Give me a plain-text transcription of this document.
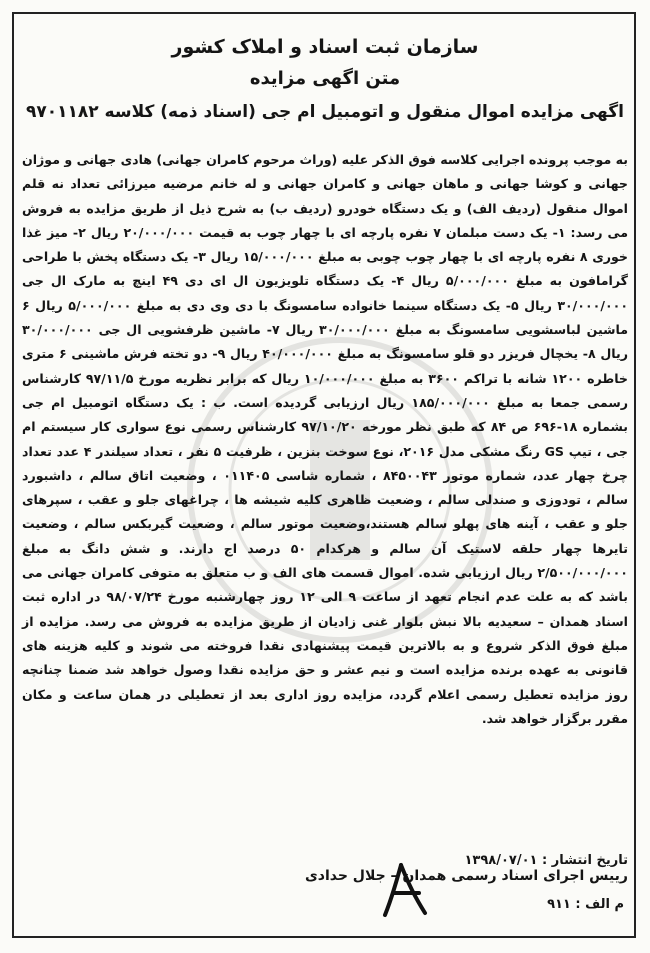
سازمان ثبت اسناد و املاک کشور
متن اگهی مزایده
اگهی مزایده اموال منقول و اتومبیل ام جی (اسناد ذمه) کلاسه ۹۷۰۱۱۸۲
به موجب پرونده اجرایی کلاسه فوق الذکر علیه (وراث مرحوم کامران جهانی) هادی جهانی و موژان جهانی و کوشا جهانی و ماهان جهانی و کامران جهانی و له خانم مرضیه میرزائی تعداد نه قلم اموال منقول (ردیف الف) و یک دستگاه خودرو (ردیف ب) به شرح ذیل از طریق مزایده به فروش می رسد: ۱- یک دست مبلمان ۷ نفره پارچه ای با چهار چوب به قیمت ۲۰/۰۰۰/۰۰۰ ریال ۲- میز غذا خوری ۸ نفره پارچه ای با چهار چوب چوبی به مبلغ ۱۵/۰۰۰/۰۰۰ ریال ۳- یک دستگاه پخش با طراحی گرامافون به مبلغ ۵/۰۰۰/۰۰۰ ریال ۴- یک دستگاه تلویزیون ال ای دی ۴۹ اینچ به مارک ال جی ۳۰/۰۰۰/۰۰۰ ریال ۵- یک دستگاه سینما خانواده سامسونگ با دی وی دی به مبلغ ۵/۰۰۰/۰۰۰ ریال ۶ ماشین لباسشویی سامسونگ به مبلغ ۳۰/۰۰۰/۰۰۰ ریال ۷- ماشین ظرفشویی ال جی ۳۰/۰۰۰/۰۰۰ ریال ۸- یخچال فریزر دو قلو سامسونگ به مبلغ ۴۰/۰۰۰/۰۰۰ ریال ۹- دو تخته فرش ماشینی ۶ متری خاطره ۱۲۰۰ شانه با تراکم ۳۶۰۰ به مبلغ ۱۰/۰۰۰/۰۰۰ ریال که برابر نظریه مورخ ۹۷/۱۱/۵ کارشناس رسمی جمعا به مبلغ ۱۸۵/۰۰۰/۰۰۰ ریال ارزیابی گردیده است. ب : یک دستگاه اتومبیل ام جی بشماره ۱۸-۶۹۶ ص ۸۴ که طبق نظر مورخه ۹۷/۱۰/۲۰ کارشناس رسمی نوع سواری کار سیستم ام جی ، تیپ GS رنگ مشکی مدل ۲۰۱۶، نوع سوخت بنزین ، ظرفیت ۵ نفر ، تعداد سیلندر ۴ عدد تعداد چرخ چهار عدد، شماره موتور ۸۴۵۰۰۴۳ ، شماره شاسی ۰۱۱۴۰۵ ، وضعیت اتاق سالم ، داشبورد سالم ، تودوزی و صندلی سالم ، وضعیت ظاهری کلیه شیشه ها ، چراغهای جلو و عقب ، سپرهای جلو و عقب ، آینه های پهلو سالم هستند،وضعیت موتور سالم ، وضعیت گیربکس سالم ، وضعیت تایرها چهار حلقه لاستیک آن سالم و هرکدام ۵۰ درصد اج دارند. و شش دانگ به مبلغ ۲/۵۰۰/۰۰۰/۰۰۰ ریال ارزیابی شده. اموال قسمت های الف و ب متعلق به متوفی کامران جهانی می باشد که به علت عدم انجام تعهد از ساعت ۹ الی ۱۲ روز چهارشنبه مورخ ۹۸/۰۷/۲۴ در اداره ثبت اسناد همدان – سعیدیه بالا نبش بلوار غنی زادیان از طریق مزایده به فروش می رسد. مزایده از مبلغ فوق الذکر شروع و به بالاترین قیمت پیشنهادی نقدا فروخته می شوند و کلیه هزینه های قانونی به عهده برنده مزایده است و نیم عشر و حق مزایده نقدا وصول خواهد شد ضمنا چنانچه روز مزایده تعطیل رسمی اعلام گردد، مزایده روز اداری بعد از تعطیلی در همان ساعت و مکان مقرر برگزار خواهد شد.
تاریخ انتشار : ۱۳۹۸/۰۷/۰۱
رییس اجرای اسناد رسمی همدان – جلال حدادی
م الف : ۹۱۱
